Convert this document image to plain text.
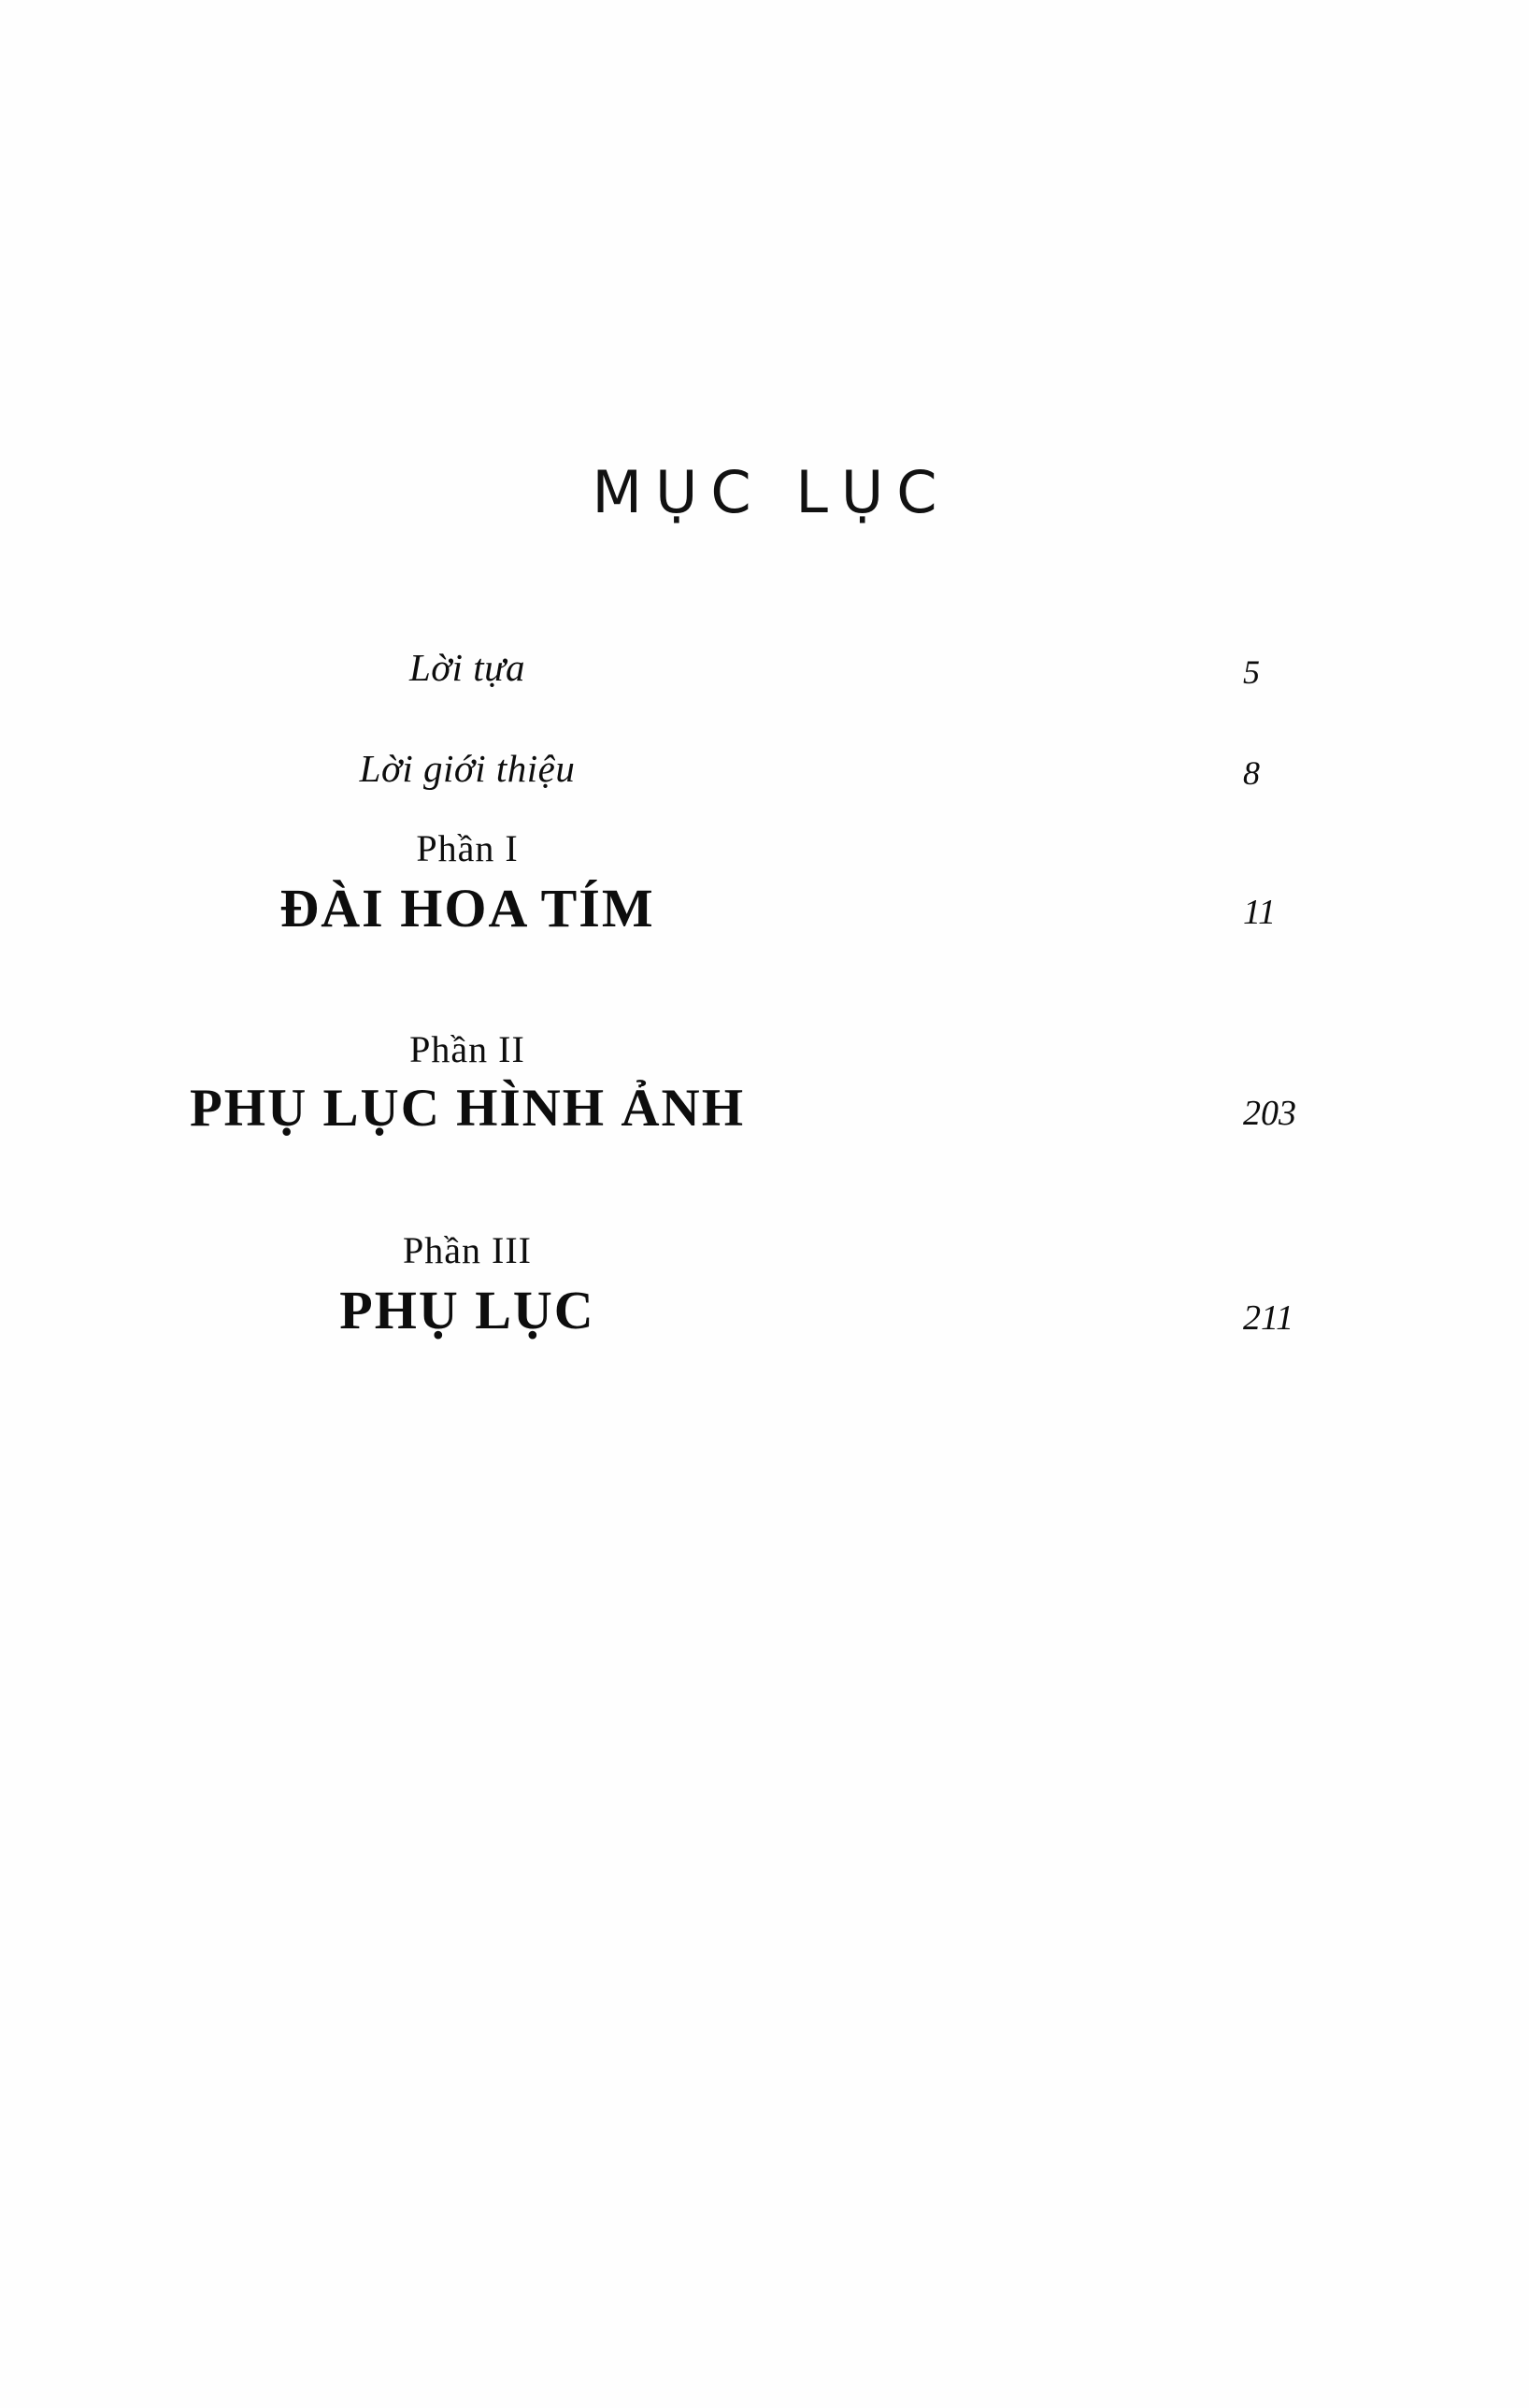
MỤC LỤC
Lời tựa	5
Lời giới thiệu	8
Phần I
ĐÀI HOA TÍM	11
Phần II
PHỤ LỤC HÌNH ẢNH	203
Phần III
PHỤ LỤC	211
